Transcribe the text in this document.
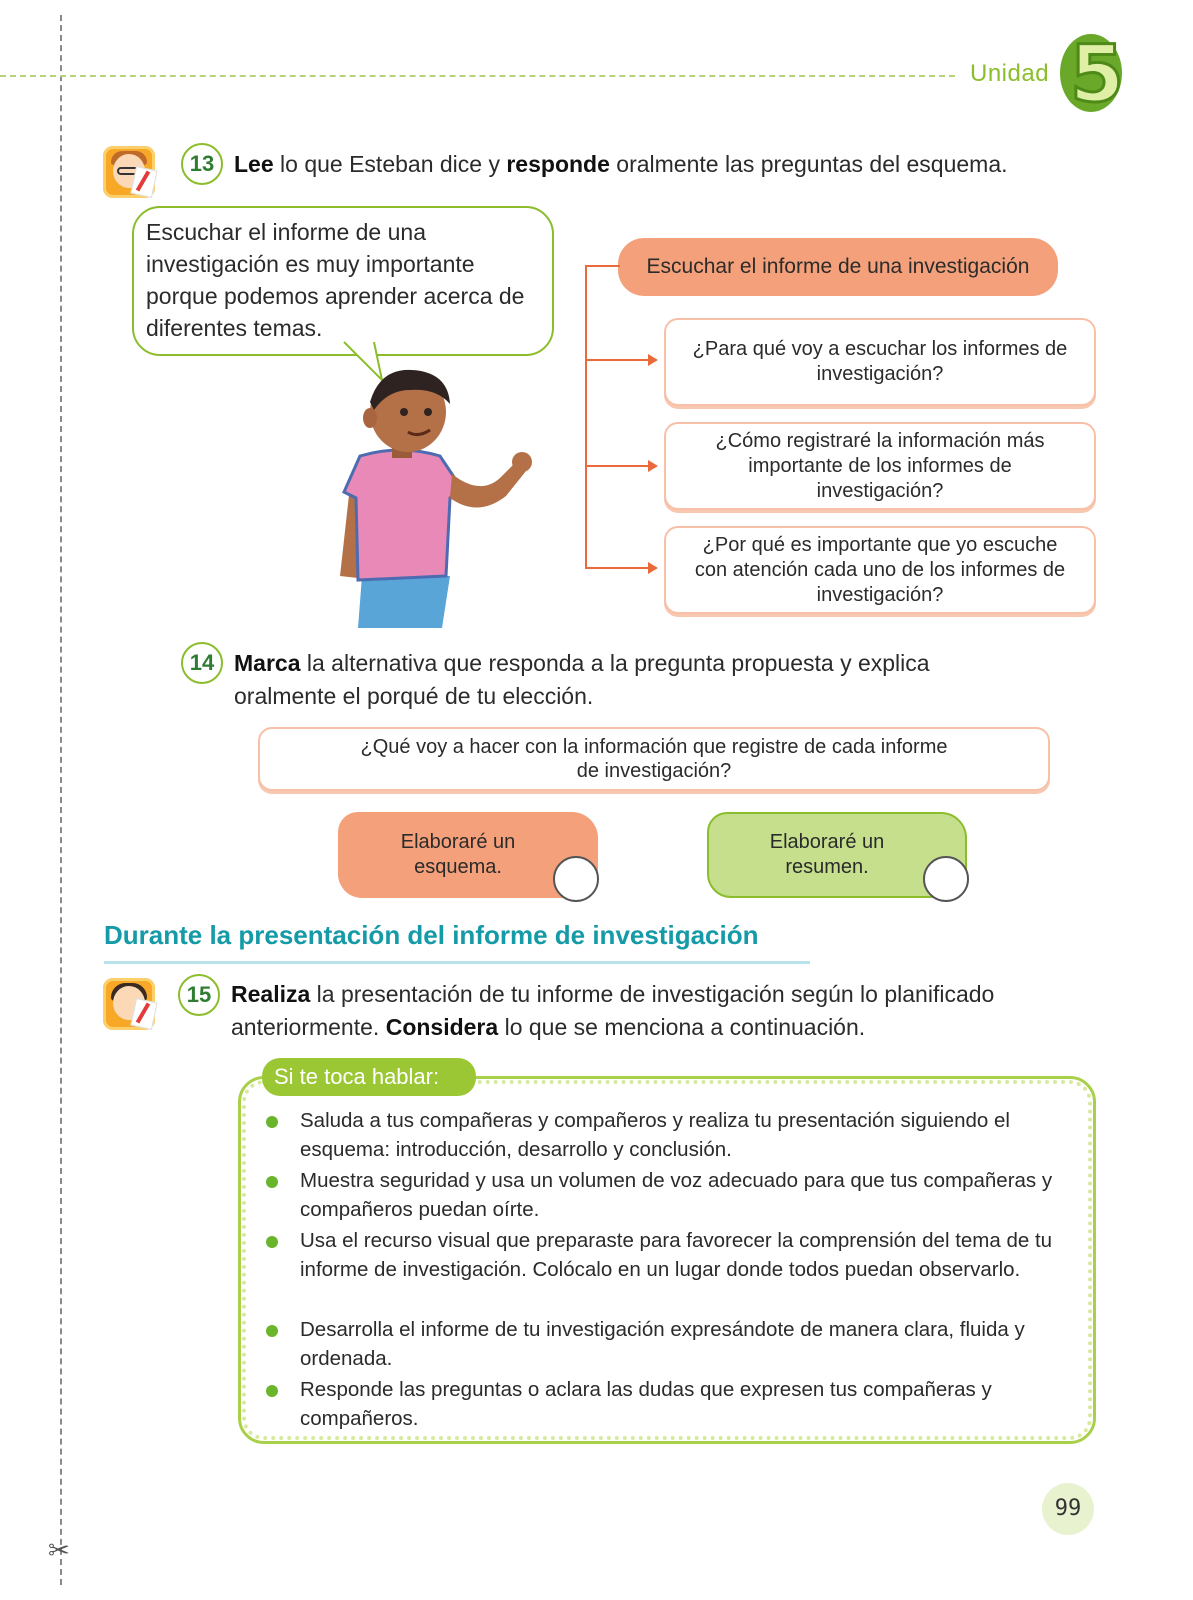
✂
Unidad 5
13 Lee lo que Esteban dice y responde oralmente las preguntas del esquema.
Escuchar el informe de una investigación es muy importante porque podemos aprender acerca de diferentes temas.
Escuchar el informe de una investigación
¿Para qué voy a escuchar los informes de investigación?
¿Cómo registraré la información más importante de los informes de investigación?
¿Por qué es importante que yo escuche con atención cada uno de los informes de investigación?
14 Marca la alternativa que responda a la pregunta propuesta y explica oralmente el porqué de tu elección.
¿Qué voy a hacer con la información que registre de cada informe de investigación?
Elaboraré un esquema.
Elaboraré un resumen.
Durante la presentación del informe de investigación
15 Realiza la presentación de tu informe de investigación según lo planificado anteriormente. Considera lo que se menciona a continuación.
Si te toca hablar:
Saluda a tus compañeras y compañeros y realiza tu presentación siguiendo el esquema: introducción, desarrollo y conclusión.
Muestra seguridad y usa un volumen de voz adecuado para que tus compañeras y compañeros puedan oírte.
Usa el recurso visual que preparaste para favorecer la comprensión del tema de tu informe de investigación. Colócalo en un lugar donde todos puedan observarlo.
Desarrolla el informe de tu investigación expresándote de manera clara, fluida y ordenada.
Responde las preguntas o aclara las dudas que expresen tus compañeras y compañeros.
99
